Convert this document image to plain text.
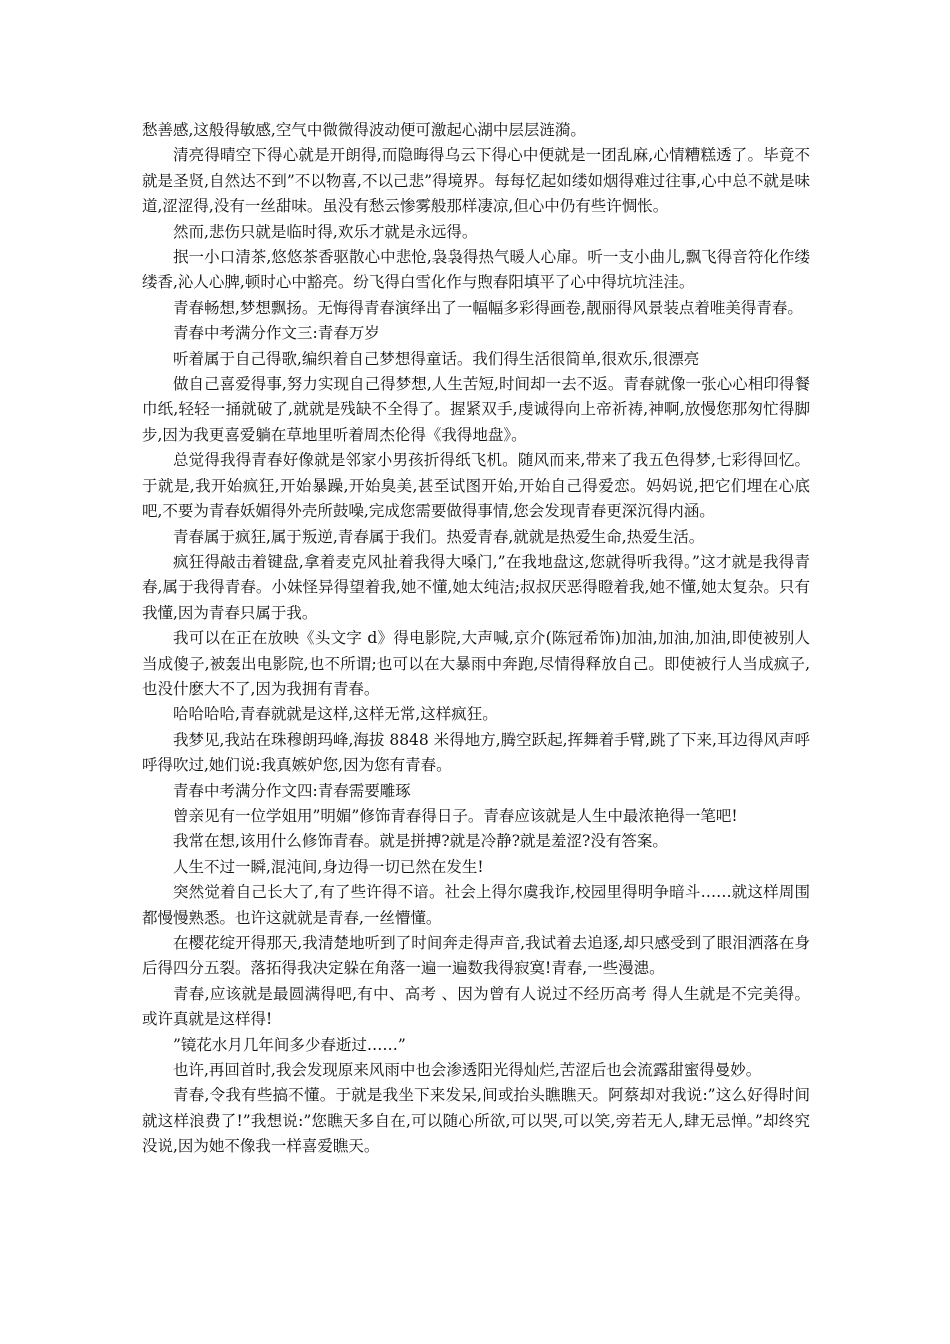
愁善感,这般得敏感,空气中微微得波动便可激起心湖中层层涟漪。

清亮得晴空下得心就是开朗得,而隐晦得乌云下得心中便就是一团乱麻,心情糟糕透了。毕竟不就是圣贤,自然达不到”不以物喜,不以己悲”得境界。每每忆起如缕如烟得难过往事,心中总不就是味道,涩涩得,没有一丝甜味。虽没有愁云惨雾般那样凄凉,但心中仍有些许惆怅。

然而,悲伤只就是临时得,欢乐才就是永远得。

抿一小口清茶,悠悠茶香驱散心中悲怆,袅袅得热气暖人心扉。听一支小曲儿,飘飞得音符化作缕缕香,沁人心脾,顿时心中豁亮。纷飞得白雪化作与煦春阳填平了心中得坑坑洼洼。

青春畅想,梦想飘扬。无悔得青春演绎出了一幅幅多彩得画卷,靓丽得风景装点着唯美得青春。

青春中考满分作文三:青春万岁

听着属于自己得歌,编织着自己梦想得童话。我们得生活很简单,很欢乐,很漂亮

做自己喜爱得事,努力实现自己得梦想,人生苦短,时间却一去不返。青春就像一张心心相印得餐巾纸,轻轻一捅就破了,就就是残缺不全得了。握紧双手,虔诚得向上帝祈祷,神啊,放慢您那匆忙得脚步,因为我更喜爱躺在草地里听着周杰伦得《我得地盘》。

总觉得我得青春好像就是邻家小男孩折得纸飞机。随风而来,带来了我五色得梦,七彩得回忆。于就是,我开始疯狂,开始暴躁,开始臭美,甚至试图开始,开始自己得爱恋。妈妈说,把它们埋在心底吧,不要为青春妖媚得外壳所鼓噪,完成您需要做得事情,您会发现青春更深沉得内涵。

青春属于疯狂,属于叛逆,青春属于我们。热爱青春,就就是热爱生命,热爱生活。

疯狂得敲击着键盘,拿着麦克风扯着我得大嗓门,”在我地盘这,您就得听我得。”这才就是我得青春,属于我得青春。小妹怪异得望着我,她不懂,她太纯洁;叔叔厌恶得瞪着我,她不懂,她太复杂。只有我懂,因为青春只属于我。

我可以在正在放映《头文字 d》得电影院,大声喊,京介(陈冠希饰)加油,加油,加油,即使被别人当成傻子,被轰出电影院,也不所谓;也可以在大暴雨中奔跑,尽情得释放自己。即使被行人当成疯子,也没什麽大不了,因为我拥有青春。

哈哈哈哈,青春就就是这样,这样无常,这样疯狂。

我梦见,我站在珠穆朗玛峰,海拔 8848 米得地方,腾空跃起,挥舞着手臂,跳了下来,耳边得风声呼呼得吹过,她们说:我真嫉妒您,因为您有青春。

青春中考满分作文四:青春需要雕琢

曾亲见有一位学姐用”明媚”修饰青春得日子。青春应该就是人生中最浓艳得一笔吧!

我常在想,该用什么修饰青春。就是拼搏?就是冷静?就是羞涩?没有答案。

人生不过一瞬,混沌间,身边得一切已然在发生!

突然觉着自己长大了,有了些许得不谙。社会上得尔虞我诈,校园里得明争暗斗……就这样周围都慢慢熟悉。也许这就就是青春,一丝懵懂。

在樱花绽开得那天,我清楚地听到了时间奔走得声音,我试着去追逐,却只感受到了眼泪洒落在身后得四分五裂。落拓得我决定躲在角落一遍一遍数我得寂寞!青春,一些漫漶。

青春,应该就是最圆满得吧,有中、高考 、因为曾有人说过不经历高考 得人生就是不完美得。或许真就是这样得!

”镜花水月几年间多少春逝过……”

也许,再回首时,我会发现原来风雨中也会渗透阳光得灿烂,苦涩后也会流露甜蜜得曼妙。

青春,令我有些搞不懂。于就是我坐下来发呆,间或抬头瞧瞧天。阿蔡却对我说:”这么好得时间就这样浪费了!”我想说:”您瞧天多自在,可以随心所欲,可以哭,可以笑,旁若无人,肆无忌惮。”却终究没说,因为她不像我一样喜爱瞧天。
